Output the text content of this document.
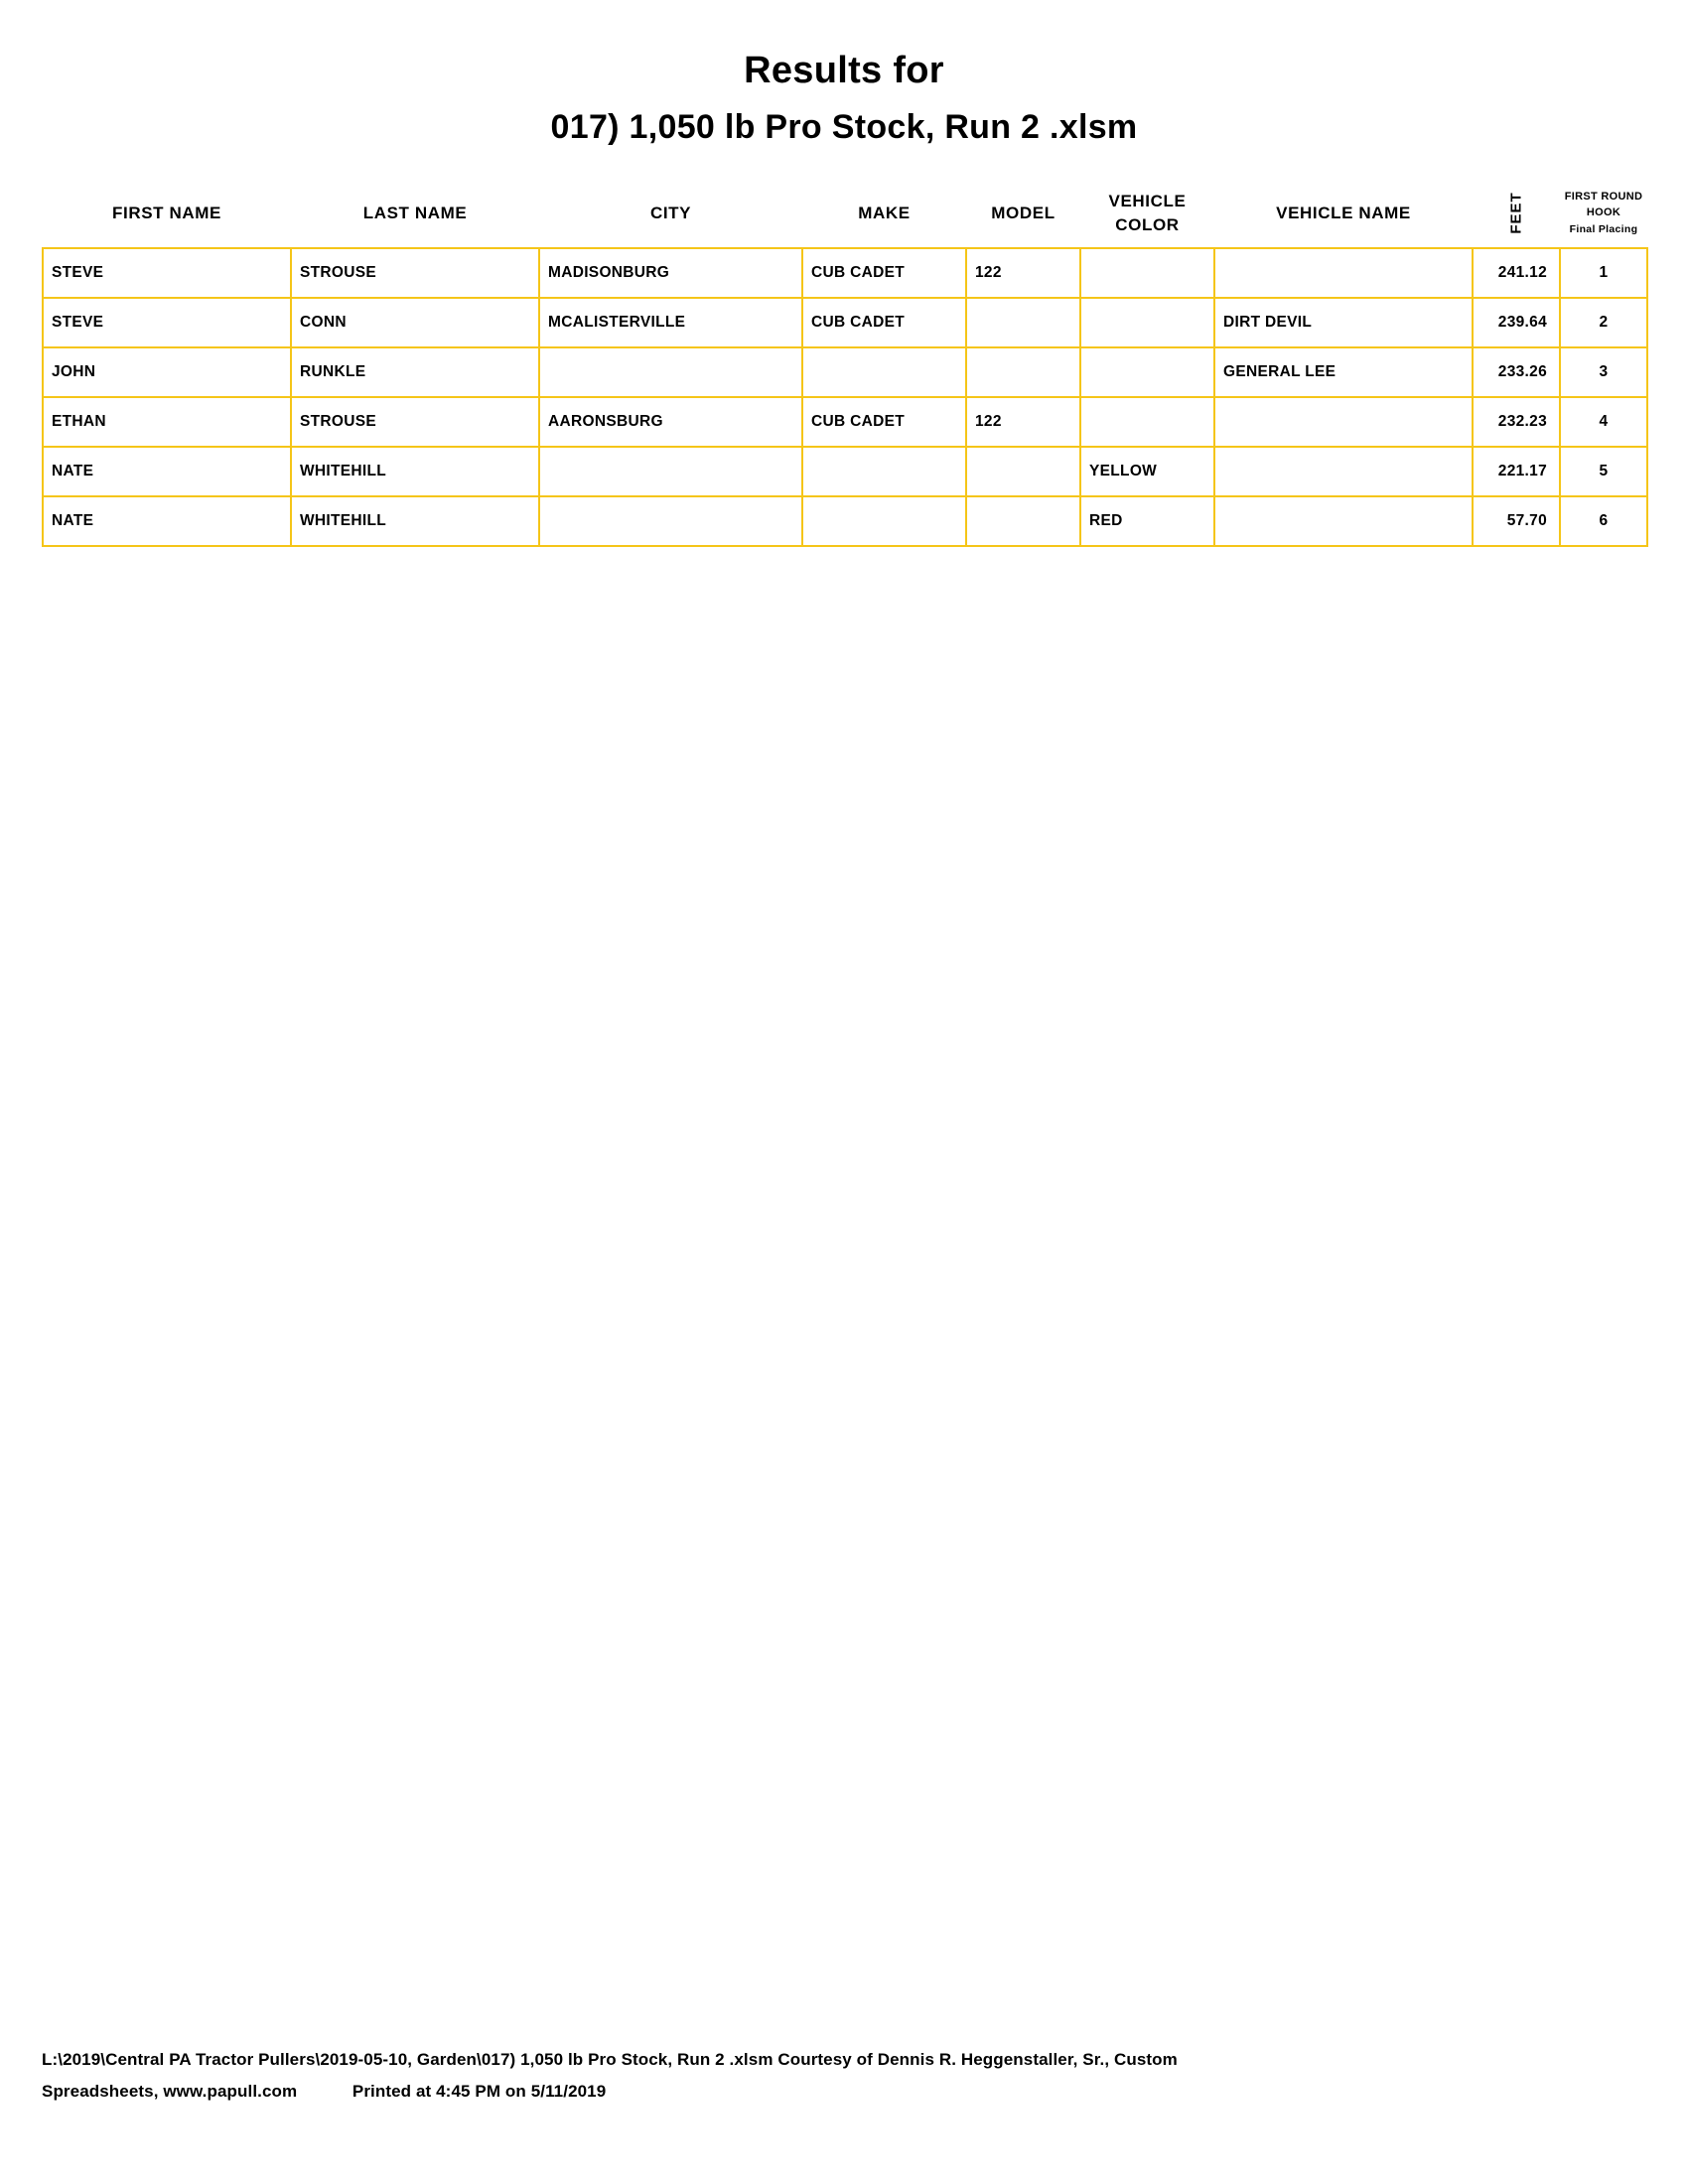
Results for
017) 1,050 lb Pro Stock, Run 2 .xlsm
FIRST NAME	LAST NAME	CITY	MAKE	MODEL	VEHICLE
COLOR	VEHICLE NAME	FEET	FIRST ROUND
HOOK
Final Placing
STEVE	STROUSE	MADISONBURG	CUB CADET	122			241.12	1
STEVE	CONN	MCALISTERVILLE	CUB CADET			DIRT DEVIL	239.64	2
JOHN	RUNKLE					GENERAL LEE	233.26	3
ETHAN	STROUSE	AARONSBURG	CUB CADET	122			232.23	4
NATE	WHITEHILL				YELLOW		221.17	5
NATE	WHITEHILL				RED		57.70	6
L:\2019\Central PA Tractor Pullers\2019-05-10, Garden\017) 1,050 lb Pro Stock, Run 2 .xlsm Courtesy of Dennis R. Heggenstaller, Sr., Custom
Spreadsheets, www.papull.com	Printed at 4:45 PM on 5/11/2019
